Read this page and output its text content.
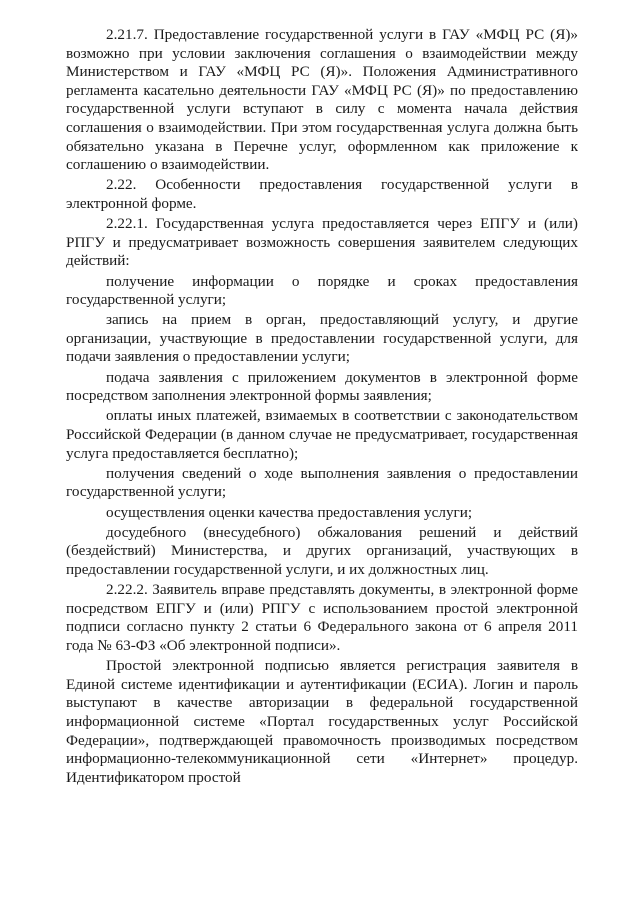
2.21.7. Предоставление государственной услуги в ГАУ «МФЦ РС (Я)» возможно при условии заключения соглашения о взаимодействии между Министерством и ГАУ «МФЦ РС (Я)». Положения Административного регламента касательно деятельности ГАУ «МФЦ РС (Я)» по предоставлению государственной услуги вступают в силу с момента начала действия соглашения о взаимодействии. При этом государственная услуга должна быть обязательно указана в Перечне услуг, оформленном как приложение к соглашению о взаимодействии.

2.22. Особенности предоставления государственной услуги в электронной форме.

2.22.1. Государственная услуга предоставляется через ЕПГУ и (или) РПГУ и предусматривает возможность совершения заявителем следующих действий:

получение информации о порядке и сроках предоставления государственной услуги;

запись на прием в орган, предоставляющий услугу, и другие организации, участвующие в предоставлении государственной услуги, для подачи заявления о предоставлении услуги;

подача заявления с приложением документов в электронной форме посредством заполнения электронной формы заявления;

оплаты иных платежей, взимаемых в соответствии с законодательством Российской Федерации (в данном случае не предусматривает, государственная услуга предоставляется бесплатно);

получения сведений о ходе выполнения заявления о предоставлении государственной услуги;

осуществления оценки качества предоставления услуги;

досудебного (внесудебного) обжалования решений и действий (бездействий) Министерства, и других организаций, участвующих в предоставлении государственной услуги, и их должностных лиц.

2.22.2. Заявитель вправе представлять документы, в электронной форме посредством ЕПГУ и (или) РПГУ с использованием простой электронной подписи согласно пункту 2 статьи 6 Федерального закона от 6 апреля 2011 года № 63-ФЗ «Об электронной подписи».

Простой электронной подписью является регистрация заявителя в Единой системе идентификации и аутентификации (ЕСИА). Логин и пароль выступают в качестве авторизации в федеральной государственной информационной системе «Портал государственных услуг Российской Федерации», подтверждающей правомочность производимых посредством информационно-телекоммуникационной сети «Интернет» процедур. Идентификатором простой
